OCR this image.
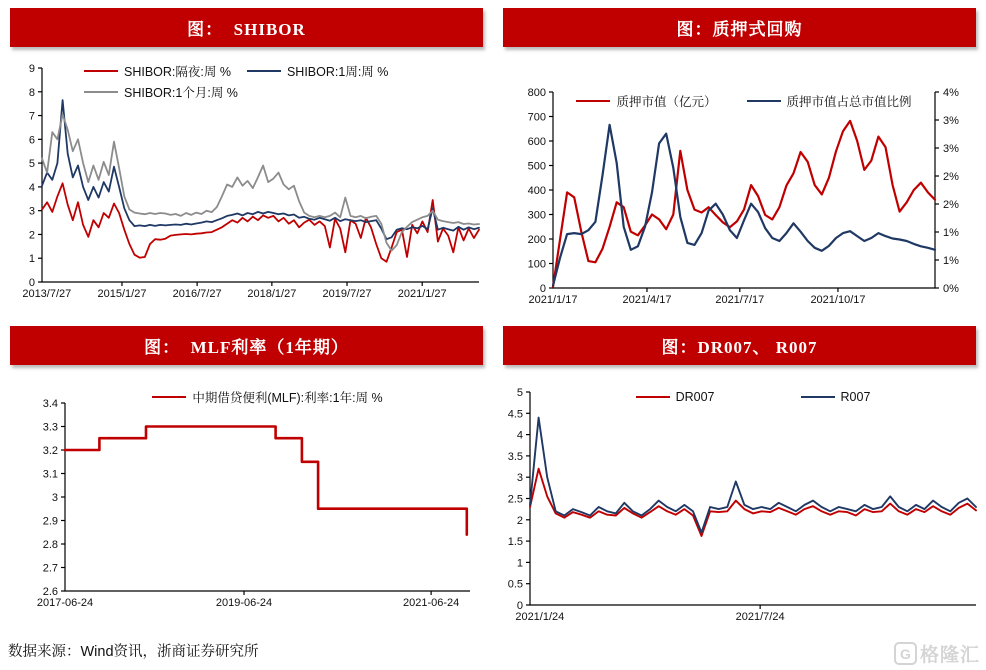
图：  SHIBOR
0
1
2
3
4
5
6
7
8
9
2013/7/27 2015/1/27 2016/7/27 2018/1/27 2019/7/27 2021/1/27
SHIBOR:隔夜:周 %	SHIBOR:1周:周 %
SHIBOR:1个月:周 %
图：质押式回购
0
100
200
300
400
500
600
700
800
0%
1%
1%
2%
2%
3%
3%
4%
2021/1/17	2021/4/17	2021/7/17	2021/10/17
质押市值（亿元）	质押市值占总市值比例
图：  MLF利率（1年期）
2.6
2.7
2.8
2.9
3
3.1
3.2
3.3
3.4
2017-06-24	2019-06-24	2021-06-24
中期借贷便利(MLF):利率:1年:周 %
图：DR007、 R007
0
0.5
1
1.5
2
2.5
3
3.5
4
4.5
5
2021/1/24	2021/7/24
DR007	R007
数据来源：Wind资讯，浙商证券研究所	G 格隆汇
